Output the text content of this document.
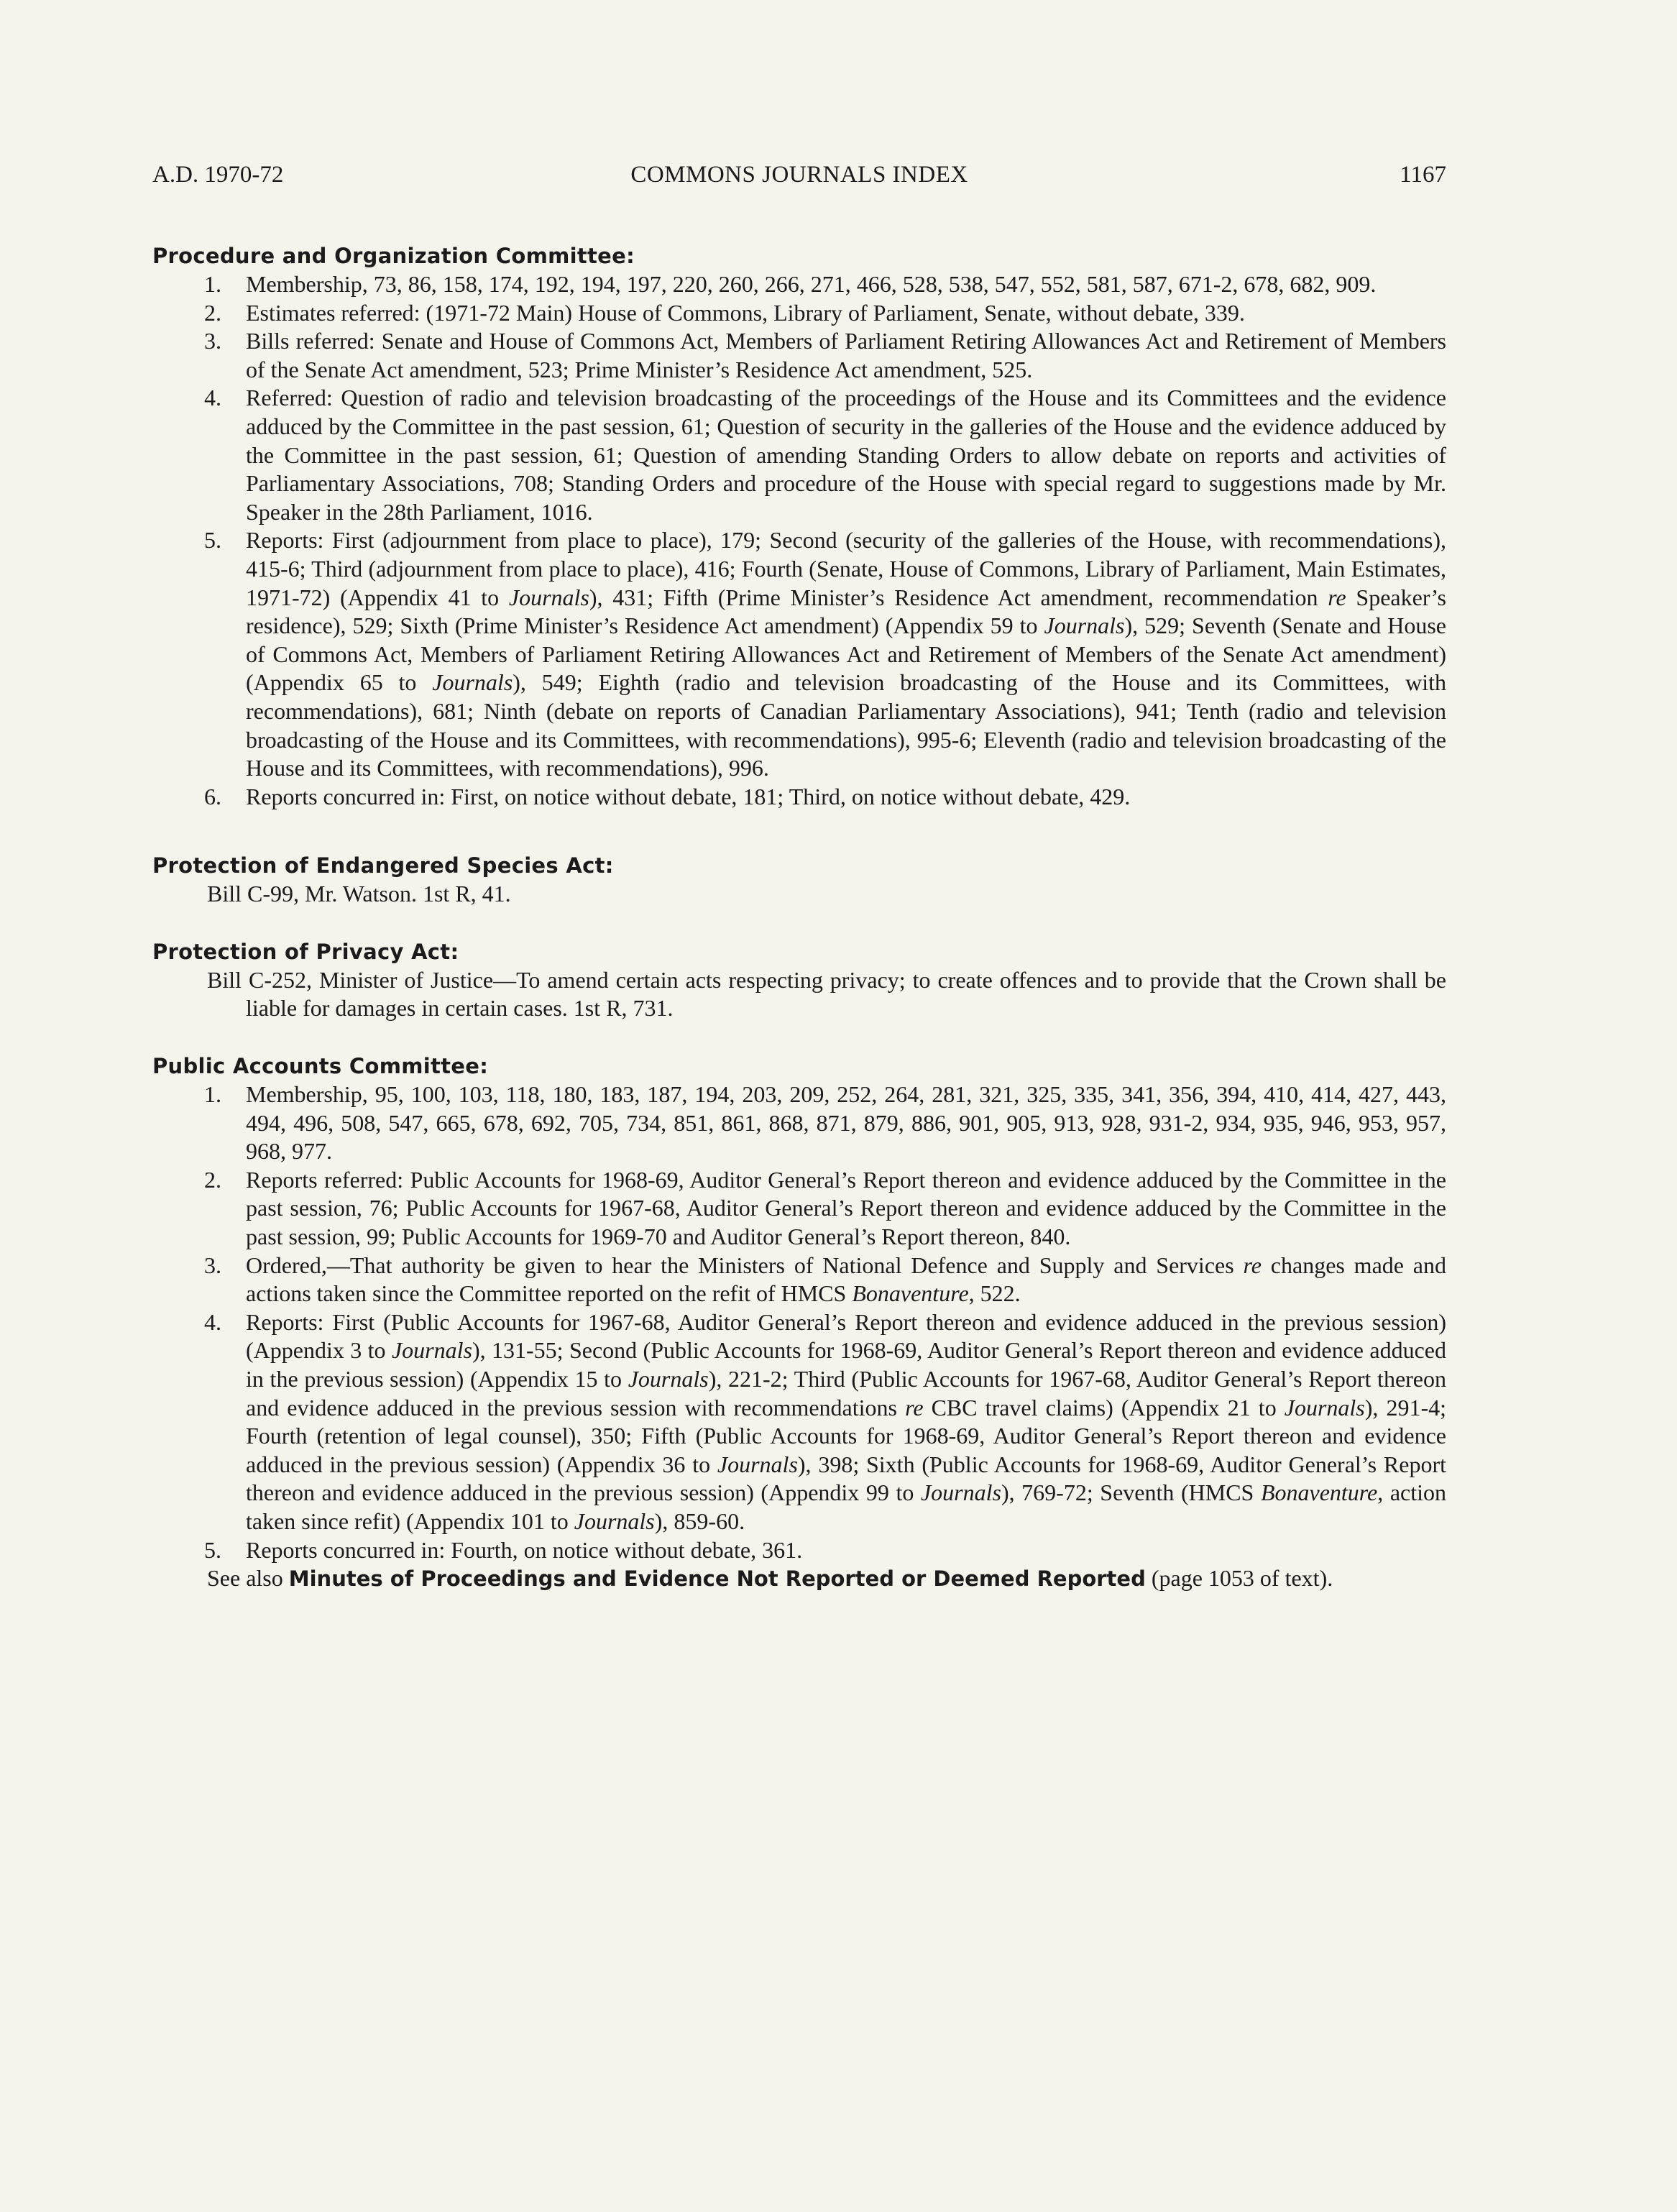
A.D. 1970-72	COMMONS JOURNALS INDEX	1167
Procedure and Organization Committee:
1. Membership, 73, 86, 158, 174, 192, 194, 197, 220, 260, 266, 271, 466, 528, 538, 547, 552, 581, 587, 671-2, 678, 682, 909.
2. Estimates referred: (1971-72 Main) House of Commons, Library of Parliament, Senate, without debate, 339.
3. Bills referred: Senate and House of Commons Act, Members of Parliament Retiring Allowances Act and Retirement of Members of the Senate Act amendment, 523; Prime Minister’s Residence Act amendment, 525.
4. Referred: Question of radio and television broadcasting of the proceedings of the House and its Committees and the evidence adduced by the Committee in the past session, 61; Question of security in the galleries of the House and the evidence adduced by the Committee in the past session, 61; Question of amending Standing Orders to allow debate on reports and activities of Parliamentary Associations, 708; Standing Orders and procedure of the House with special regard to suggestions made by Mr. Speaker in the 28th Parliament, 1016.
5. Reports: First (adjournment from place to place), 179; Second (security of the galleries of the House, with recommendations), 415-6; Third (adjournment from place to place), 416; Fourth (Senate, House of Commons, Library of Parliament, Main Estimates, 1971-72) (Appendix 41 to Journals), 431; Fifth (Prime Minister’s Residence Act amendment, recommendation re Speaker’s residence), 529; Sixth (Prime Minister’s Residence Act amendment) (Appendix 59 to Journals), 529; Seventh (Senate and House of Commons Act, Members of Parliament Retiring Allowances Act and Retirement of Members of the Senate Act amendment) (Appendix 65 to Journals), 549; Eighth (radio and television broadcasting of the House and its Committees, with recommendations), 681; Ninth (debate on reports of Canadian Parliamentary Associations), 941; Tenth (radio and television broadcasting of the House and its Committees, with recommendations), 995-6; Eleventh (radio and television broadcasting of the House and its Committees, with recommendations), 996.
6. Reports concurred in: First, on notice without debate, 181; Third, on notice without debate, 429.
Protection of Endangered Species Act:
Bill C-99, Mr. Watson. 1st R, 41.
Protection of Privacy Act:
Bill C-252, Minister of Justice—To amend certain acts respecting privacy; to create offences and to provide that the Crown shall be liable for damages in certain cases. 1st R, 731.
Public Accounts Committee:
1. Membership, 95, 100, 103, 118, 180, 183, 187, 194, 203, 209, 252, 264, 281, 321, 325, 335, 341, 356, 394, 410, 414, 427, 443, 494, 496, 508, 547, 665, 678, 692, 705, 734, 851, 861, 868, 871, 879, 886, 901, 905, 913, 928, 931-2, 934, 935, 946, 953, 957, 968, 977.
2. Reports referred: Public Accounts for 1968-69, Auditor General’s Report thereon and evidence adduced by the Committee in the past session, 76; Public Accounts for 1967-68, Auditor General’s Report thereon and evidence adduced by the Committee in the past session, 99; Public Accounts for 1969-70 and Auditor General’s Report thereon, 840.
3. Ordered,—That authority be given to hear the Ministers of National Defence and Supply and Services re changes made and actions taken since the Committee reported on the refit of HMCS Bonaventure, 522.
4. Reports: First (Public Accounts for 1967-68, Auditor General’s Report thereon and evidence adduced in the previous session) (Appendix 3 to Journals), 131-55; Second (Public Accounts for 1968-69, Auditor General’s Report thereon and evidence adduced in the previous session) (Appendix 15 to Journals), 221-2; Third (Public Accounts for 1967-68, Auditor General’s Report thereon and evidence adduced in the previous session with recommendations re CBC travel claims) (Appendix 21 to Journals), 291-4; Fourth (retention of legal counsel), 350; Fifth (Public Accounts for 1968-69, Auditor General’s Report thereon and evidence adduced in the previous session) (Appendix 36 to Journals), 398; Sixth (Public Accounts for 1968-69, Auditor General’s Report thereon and evidence adduced in the previous session) (Appendix 99 to Journals), 769-72; Seventh (HMCS Bonaventure, action taken since refit) (Appendix 101 to Journals), 859-60.
5. Reports concurred in: Fourth, on notice without debate, 361.
See also Minutes of Proceedings and Evidence Not Reported or Deemed Reported (page 1053 of text).
